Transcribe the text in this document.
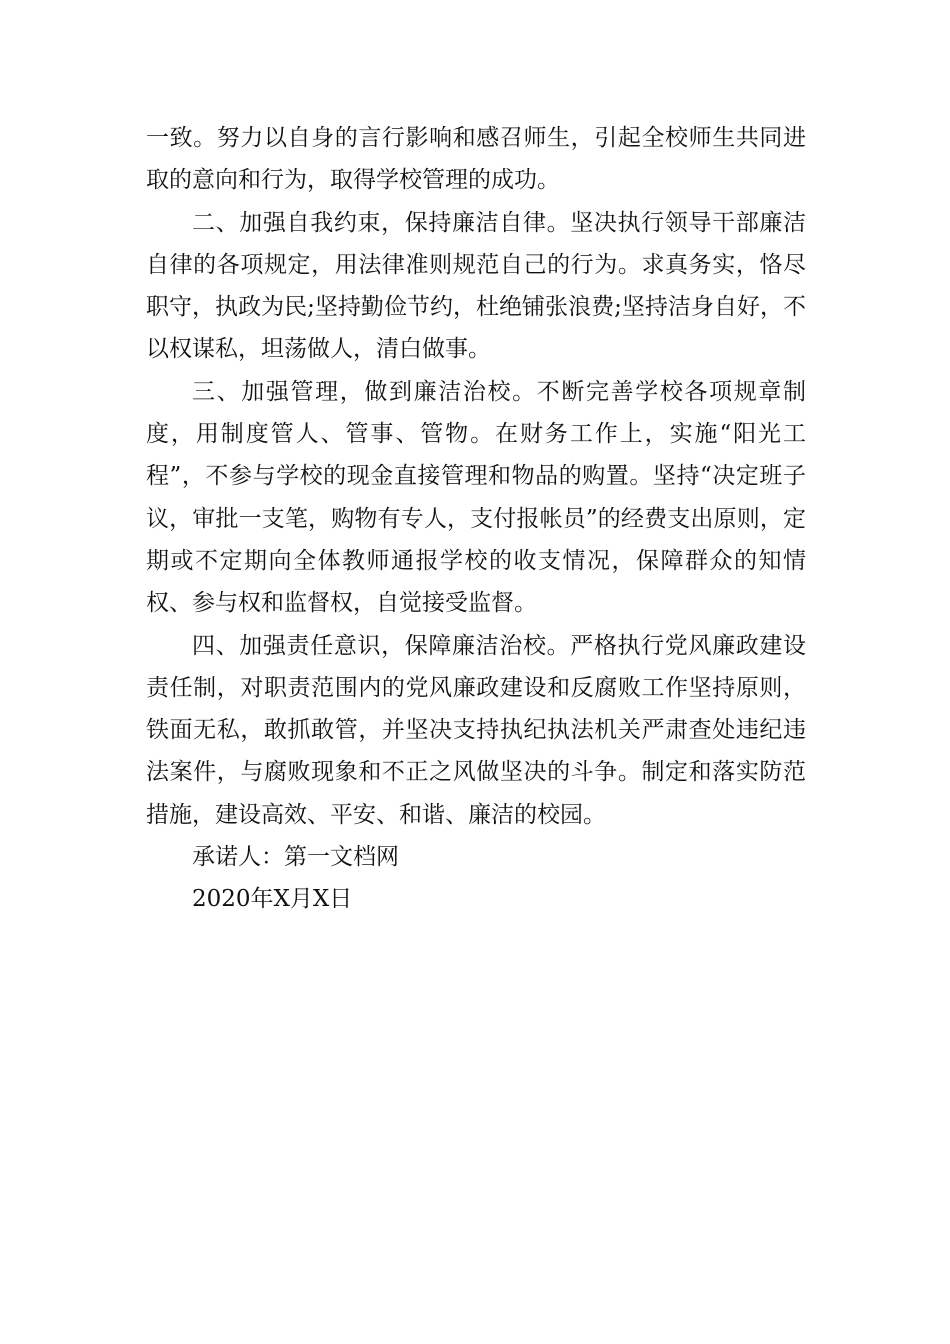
一致。努力以自身的言行影响和感召师生，引起全校师生共同进取的意向和行为，取得学校管理的成功。

二、加强自我约束，保持廉洁自律。坚决执行领导干部廉洁自律的各项规定，用法律准则规范自己的行为。求真务实，恪尽职守，执政为民;坚持勤俭节约，杜绝铺张浪费;坚持洁身自好，不以权谋私，坦荡做人，清白做事。

三、加强管理，做到廉洁治校。不断完善学校各项规章制度，用制度管人、管事、管物。在财务工作上，实施“阳光工程”，不参与学校的现金直接管理和物品的购置。坚持“决定班子议，审批一支笔，购物有专人，支付报帐员”的经费支出原则，定期或不定期向全体教师通报学校的收支情况，保障群众的知情权、参与权和监督权，自觉接受监督。

四、加强责任意识，保障廉洁治校。严格执行党风廉政建设责任制，对职责范围内的党风廉政建设和反腐败工作坚持原则，铁面无私，敢抓敢管，并坚决支持执纪执法机关严肃查处违纪违法案件，与腐败现象和不正之风做坚决的斗争。制定和落实防范措施，建设高效、平安、和谐、廉洁的校园。

承诺人：第一文档网

2020年X月X日
